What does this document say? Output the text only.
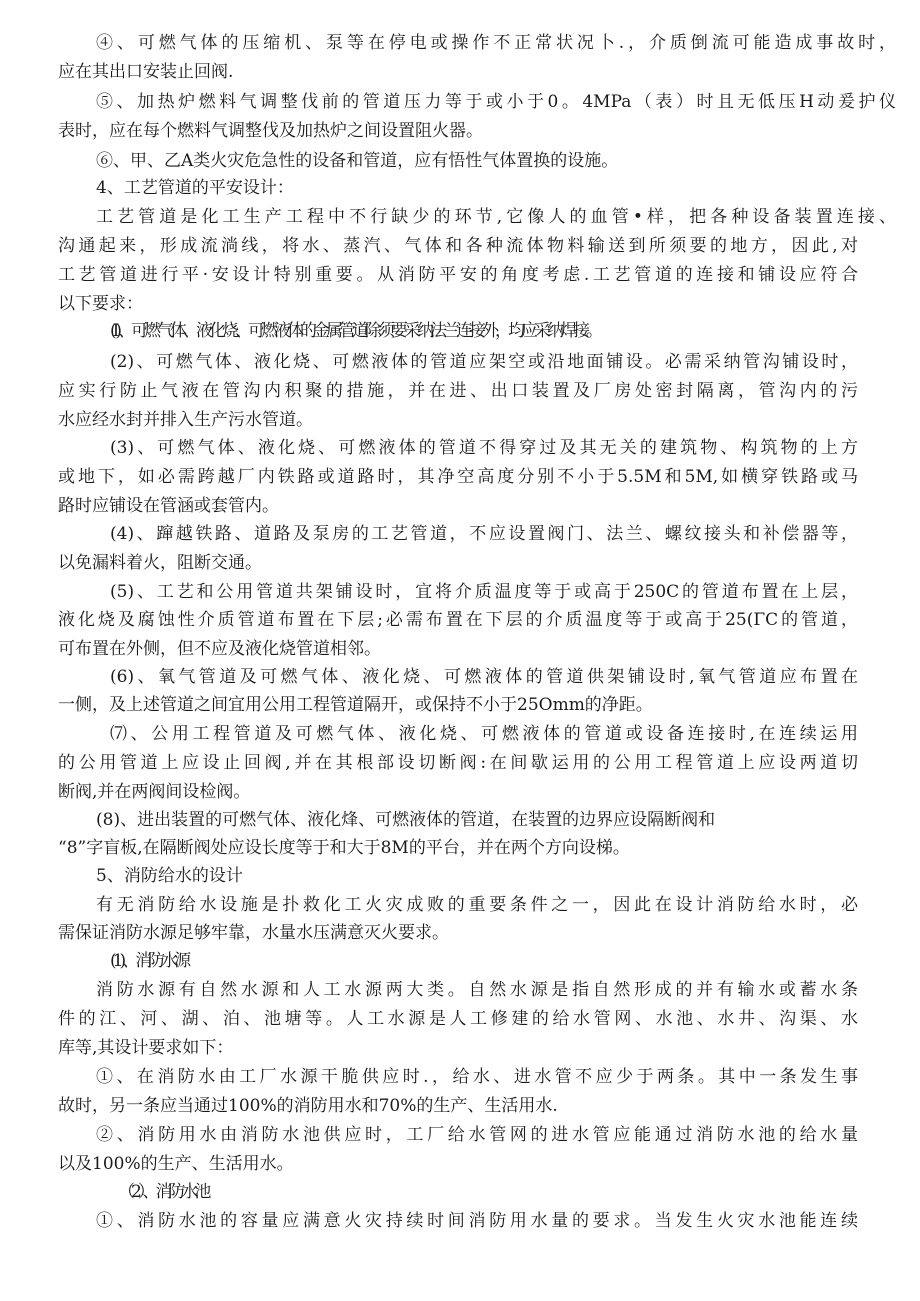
④、可燃气体的压缩机、泵等在停电或操作不正常状况卜.，介质倒流可能造成事故时，
应在其出口安装止回阀.
⑤、加热炉燃料气调整伐前的管道压力等于或小于0。4MPa（表）时且无低压H动爰护仪
表时，应在每个燃料气调整伐及加热炉之间设置阻火器。
⑥、甲、乙A类火灾危急性的设备和管道，应有悟性气体置换的设施。
4、工艺管道的平安设计：
工艺管道是化工生产工程中不行缺少的环节,它像人的血管•样，把各种设备装置连接、
沟通起来，形成流淌线，将水、蒸汽、气体和各种流体物料输送到所须要的地方，因此,对
工艺管道进行平·安设计特别重要。从消防平安的角度考虑.工艺管道的连接和铺设应符合
以下要求：
(I)、可燃气体、液化烧、可燃液体的金属管道除须要采纳法兰连接外，均应采纳焊接。
(2)、可燃气体、液化烧、可燃液体的管道应架空或沿地面铺设。必需采纳管沟铺设时，
应实行防止气液在管沟内积聚的措施，并在进、出口装置及厂房处密封隔离，管沟内的污
水应经水封并排入生产污水管道。
(3)、可燃气体、液化烧、可燃液体的管道不得穿过及其无关的建筑物、构筑物的上方
或地下，如必需跨越厂内铁路或道路时，其净空高度分别不小于5.5M和5M,如横穿铁路或马
路时应铺设在管涵或套管内。
(4)、蹿越铁路、道路及泵房的工艺管道，不应设置阀门、法兰、螺纹接头和补偿器等，
以免漏料着火，阻断交通。
(5)、工艺和公用管道共架铺设时，宜将介质温度等于或高于250C的管道布置在上层，
液化烧及腐蚀性介质管道布置在下层;必需布置在下层的介质温度等于或高于25(ΓC的管道，
可布置在外侧，但不应及液化烧管道相邻。
(6)、氧气管道及可燃气体、液化烧、可燃液体的管道供架铺设时,氧气管道应布置在
一侧，及上述管道之间宜用公用工程管道隔开，或保持不小于25Omm的净距。
⑺、公用工程管道及可燃气体、液化烧、可燃液体的管道或设备连接时,在连续运用
的公用管道上应设止回阀,并在其根部设切断阀:在间歇运用的公用工程管道上应设两道切
断阀,并在两阀间设检阀。
(8)、进出装置的可燃气体、液化烽、可燃液体的管道，在装置的边界应设隔断阀和
“8”字盲板,在隔断阀处应设长度等于和大于8M的平台，并在两个方向设梯。
5、消防给水的设计
有无消防给水设施是扑救化工火灾成败的重要条件之一，因此在设计消防给水时，必
需保证消防水源足够牢靠，水量水压满意灭火要求。
(1)、消防水源
消防水源有自然水源和人工水源两大类。自然水源是指自然形成的并有输水或蓄水条
件的江、河、湖、泊、池塘等。人工水源是人工修建的给水管网、水池、水井、沟渠、水
库等,其设计要求如下：
①、在消防水由工厂水源干脆供应时.，给水、进水管不应少于两条。其中一条发生事
故时，另一条应当通过100%的消防用水和70%的生产、生活用水.
②、消防用水由消防水池供应时，工厂给水管网的进水管应能通过消防水池的给水量
以及100%的生产、生活用水。
（2）、消防水池
①、消防水池的容量应满意火灾持续时间消防用水量的要求。当发生火灾水池能连续
